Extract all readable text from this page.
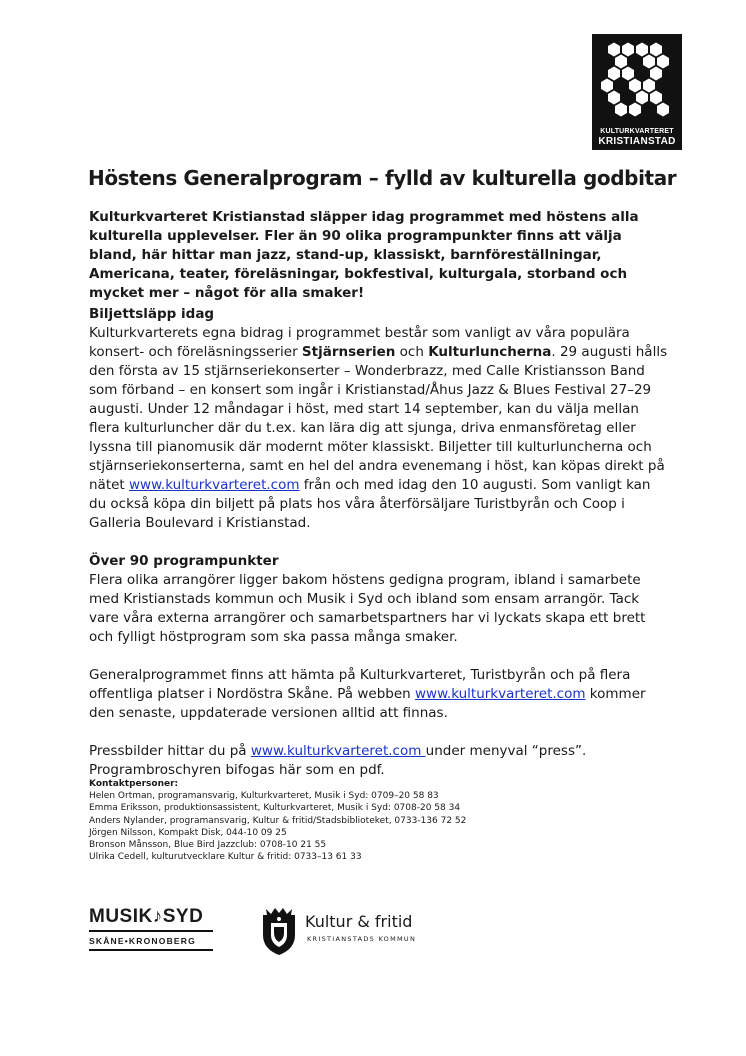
KULTURKVARTERET
KRISTIANSTAD
Höstens Generalprogram – fylld av kulturella godbitar

Kulturkvarteret Kristianstad släpper idag programmet med höstens alla kulturella upplevelser. Fler än 90 olika programpunkter finns att välja bland, här hittar man jazz, stand-up, klassiskt, barnföreställningar, Americana, teater, föreläsningar, bokfestival, kulturgala, storband och mycket mer – något för alla smaker!

Biljettsläpp idag

Kulturkvarterets egna bidrag i programmet består som vanligt av våra populära konsert- och föreläsningsserier Stjärnserien och Kulturluncherna. 29 augusti hålls den första av 15 stjärnseriekonserter – Wonderbrazz, med Calle Kristiansson Band som förband – en konsert som ingår i Kristianstad/Åhus Jazz & Blues Festival 27–29 augusti. Under 12 måndagar i höst, med start 14 september, kan du välja mellan flera kulturluncher där du t.ex. kan lära dig att sjunga, driva enmansföretag eller lyssna till pianomusik där modernt möter klassiskt. Biljetter till kulturluncherna och stjärnseriekonserterna, samt en hel del andra evenemang i höst, kan köpas direkt på nätet www.kulturkvarteret.com från och med idag den 10 augusti. Som vanligt kan du också köpa din biljett på plats hos våra återförsäljare Turistbyrån och Coop i Galleria Boulevard i Kristianstad.

Över 90 programpunkter

Flera olika arrangörer ligger bakom höstens gedigna program, ibland i samarbete med Kristianstads kommun och Musik i Syd och ibland som ensam arrangör. Tack vare våra externa arrangörer och samarbetspartners har vi lyckats skapa ett brett och fylligt höstprogram som ska passa många smaker.

Generalprogrammet finns att hämta på Kulturkvarteret, Turistbyrån och på flera offentliga platser i Nordöstra Skåne. På webben www.kulturkvarteret.com kommer den senaste, uppdaterade versionen alltid att finnas.

Pressbilder hittar du på www.kulturkvarteret.com under menyval “press”.
Programbroschyren bifogas här som en pdf.

Kontaktpersoner:
Helen Ortman, programansvarig, Kulturkvarteret, Musik i Syd: 0709–20 58 83
Emma Eriksson, produktionsassistent, Kulturkvarteret, Musik i Syd: 0708-20 58 34
Anders Nylander, programansvarig, Kultur & fritid/Stadsbiblioteket, 0733-136 72 52
Jörgen Nilsson, Kompakt Disk, 044-10 09 25
Bronson Månsson, Blue Bird Jazzclub: 0708-10 21 55
Ulrika Cedell, kulturutvecklare Kultur & fritid: 0733–13 61 33
MUSIK♪SYD
SKÅNE•KRONOBERG
Kultur & fritid
KRISTIANSTADS KOMMUN
